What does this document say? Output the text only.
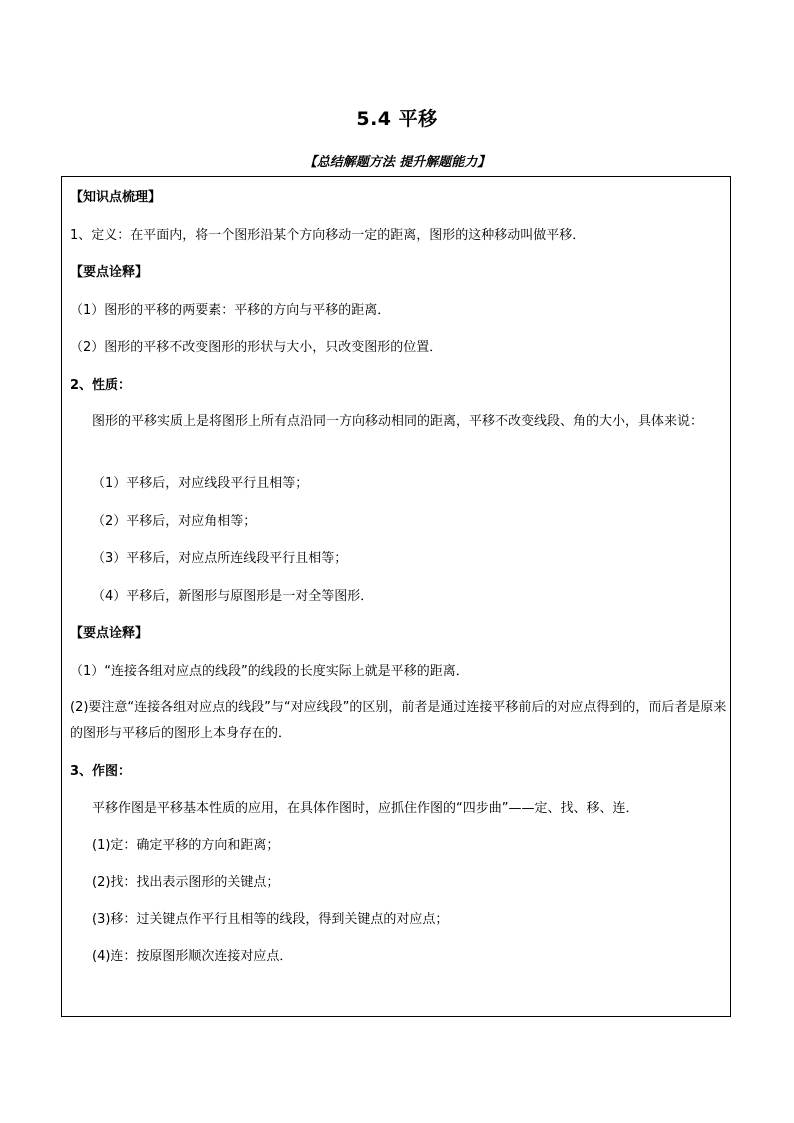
5.4 平移
【总结解题方法 提升解题能力】
【知识点梳理】
1、定义：在平面内，将一个图形沿某个方向移动一定的距离，图形的这种移动叫做平移．
【要点诠释】
（1）图形的平移的两要素：平移的方向与平移的距离．
（2）图形的平移不改变图形的形状与大小，只改变图形的位置．
2、性质：
图形的平移实质上是将图形上所有点沿同一方向移动相同的距离，平移不改变线段、角的大小，具体来说：
（1）平移后，对应线段平行且相等；
（2）平移后，对应角相等；
（3）平移后，对应点所连线段平行且相等；
（4）平移后，新图形与原图形是一对全等图形．
【要点诠释】
（1）“连接各组对应点的线段”的线段的长度实际上就是平移的距离．
(2)要注意“连接各组对应点的线段”与“对应线段”的区别，前者是通过连接平移前后的对应点得到的，而后者是原来的图形与平移后的图形上本身存在的．
3、作图：
平移作图是平移基本性质的应用，在具体作图时，应抓住作图的“四步曲”——定、找、移、连．
(1)定：确定平移的方向和距离；
(2)找：找出表示图形的关键点；
(3)移：过关键点作平行且相等的线段，得到关键点的对应点；
(4)连：按原图形顺次连接对应点．
